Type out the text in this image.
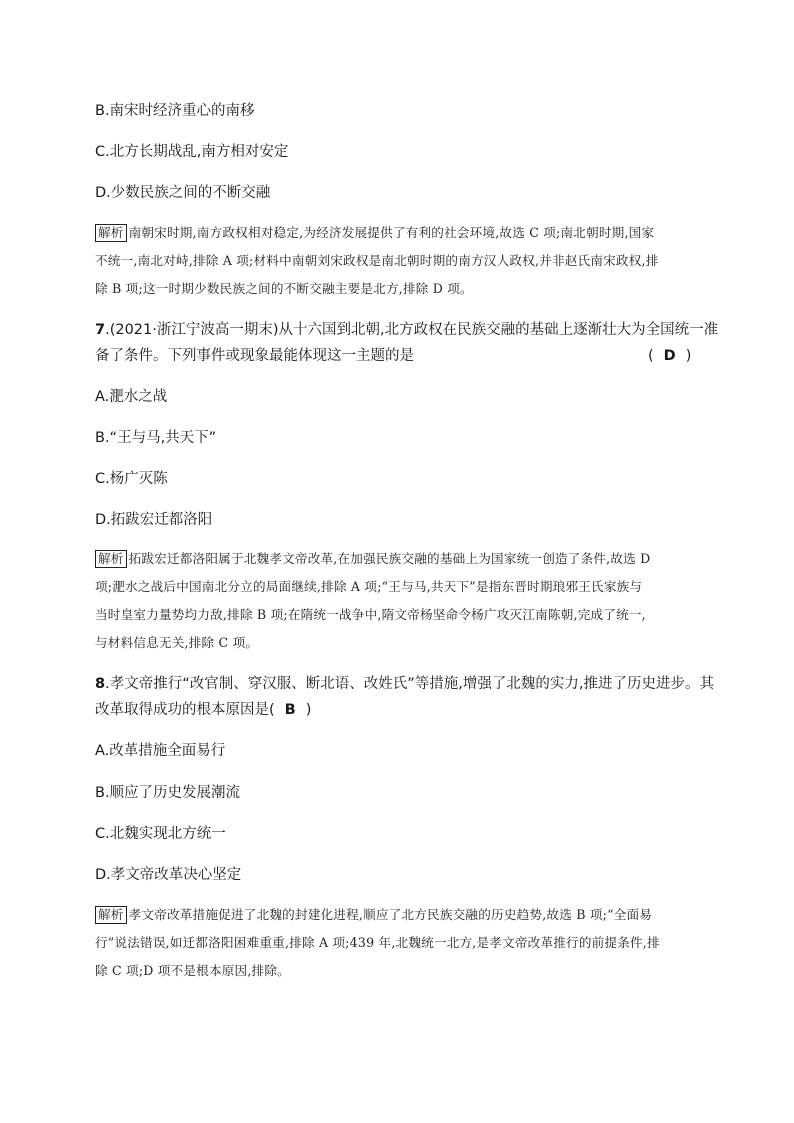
B.南宋时经济重心的南移
C.北方长期战乱,南方相对安定
D.少数民族之间的不断交融
解析 南朝宋时期,南方政权相对稳定,为经济发展提供了有利的社会环境,故选 C 项;南北朝时期,国家
不统一,南北对峙,排除 A 项;材料中南朝刘宋政权是南北朝时期的南方汉人政权,并非赵氏南宋政权,排
除 B 项;这一时期少数民族之间的不断交融主要是北方,排除 D 项。
7.(2021·浙江宁波高一期末)从十六国到北朝,北方政权在民族交融的基础上逐渐壮大为全国统一准
备了条件。下列事件或现象最能体现这一主题的是	( D )
A.淝水之战
B.“王与马,共天下”
C.杨广灭陈
D.拓跋宏迁都洛阳
解析 拓跋宏迁都洛阳属于北魏孝文帝改革,在加强民族交融的基础上为国家统一创造了条件,故选 D
项;淝水之战后中国南北分立的局面继续,排除 A 项;“王与马,共天下”是指东晋时期琅邪王氏家族与
当时皇室力量势均力敌,排除 B 项;在隋统一战争中,隋文帝杨坚命令杨广攻灭江南陈朝,完成了统一,
与材料信息无关,排除 C 项。
8.孝文帝推行“改官制、穿汉服、断北语、改姓氏”等措施,增强了北魏的实力,推进了历史进步。其
改革取得成功的根本原因是( B )
A.改革措施全面易行
B.顺应了历史发展潮流
C.北魏实现北方统一
D.孝文帝改革决心坚定
解析 孝文帝改革措施促进了北魏的封建化进程,顺应了北方民族交融的历史趋势,故选 B 项;“全面易
行”说法错误,如迁都洛阳困难重重,排除 A 项;439 年,北魏统一北方,是孝文帝改革推行的前提条件,排
除 C 项;D 项不是根本原因,排除。
